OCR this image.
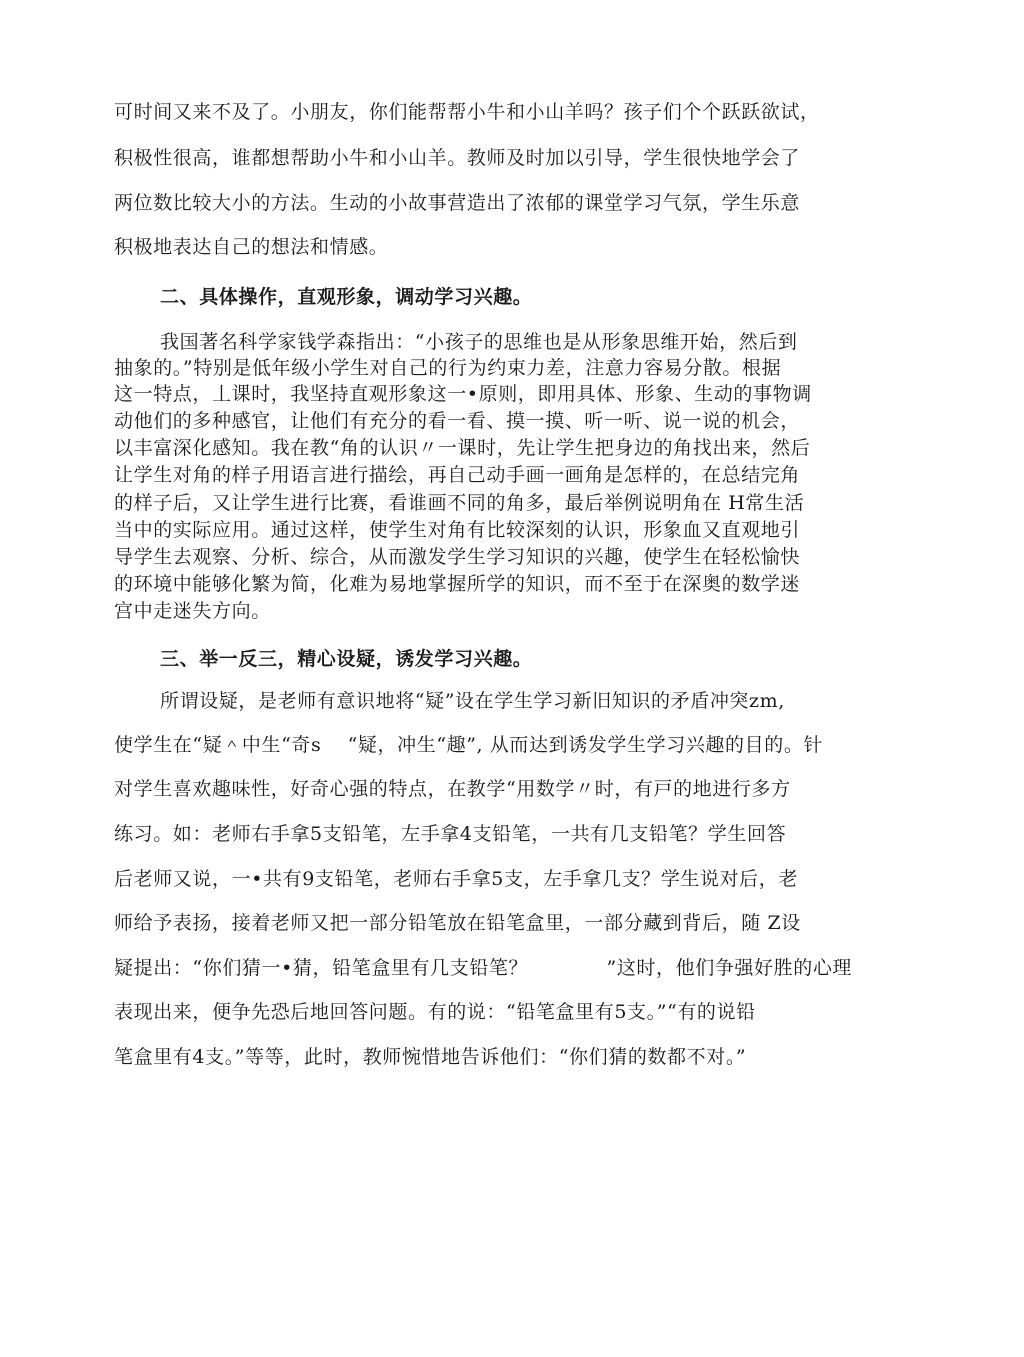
可时间又来不及了。小朋友，你们能帮帮小牛和小山羊吗？孩子们个个跃跃欲试，
积极性很高，谁都想帮助小牛和小山羊。教师及时加以引导，学生很快地学会了
两位数比较大小的方法。生动的小故事营造出了浓郁的课堂学习气氛，学生乐意
积极地表达自己的想法和情感。
二、具体操作，直观形象，调动学习兴趣。
我国著名科学家钱学森指出：“小孩子的思维也是从形象思维开始，然后到
抽象的。”特别是低年级小学生对自己的行为约束力差，注意力容易分散。根据
这一特点，丄课时，我坚持直观形象这一•原则，即用具体、形象、生动的事物调
动他们的多种感官，让他们有充分的看一看、摸一摸、听一听、说一说的机会，
以丰富深化感知。我在教“角的认识〃一课时，先让学生把身边的角找出来，然后
让学生对角的样子用语言进行描绘，再自己动手画一画角是怎样的，在总结完角
的样子后，又让学生进行比赛，看谁画不同的角多，最后举例说明角在 H常生活
当中的实际应用。通过这样，使学生对角有比较深刻的认识，形象血又直观地引
导学生去观察、分析、综合，从而激发学生学习知识的兴趣，使学生在轻松愉快
的环境中能够化繁为简，化难为易地掌握所学的知识，而不至于在深奥的数学迷
宫中走迷失方向。
三、举一反三，精心设疑，诱发学习兴趣。
所谓设疑，是老师有意识地将“疑”设在学生学习新旧知识的矛盾冲突zm,
使学生在“疑＾中生“奇s　 “疑，冲生“趣”, 从而达到诱发学生学习兴趣的目的。针
对学生喜欢趣味性，好奇心强的特点，在教学“用数学〃时，有戸的地进行多方
练习。如：老师右手拿5支铅笔，左手拿4支铅笔，一共有几支铅笔？学生回答
后老师又说，一•共有9支铅笔，老师右手拿5支，左手拿几支？学生说对后，老
师给予表扬，接着老师又把一部分铅笔放在铅笔盒里，一部分藏到背后，随 Z设
疑提出：“你们猜一•猜，铅笔盒里有几支铅笔？　　　　”这时，他们争强好胜的心理
表现出来，便争先恐后地回答问题。有的说：“铅笔盒里有5支。”“有的说铅
笔盒里有4支。”等等，此时，教师惋惜地告诉他们：“你们猜的数都不对。”
